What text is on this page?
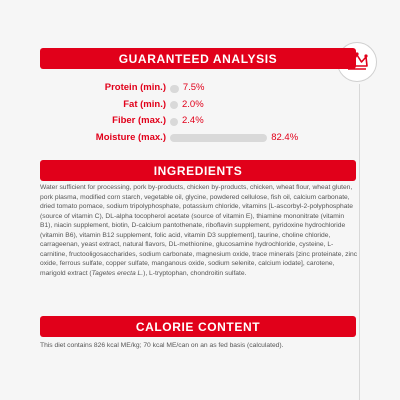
GUARANTEED ANALYSIS
Protein (min.) 7.5%
Fat (min.) 2.0%
Fiber (max.) 2.4%
Moisture (max.)	82.4%
INGREDIENTS
Water sufficient for processing, pork by-products, chicken by-products, chicken, wheat flour, wheat gluten, pork plasma, modified corn starch, vegetable oil, glycine, powdered cellulose, fish oil, calcium carbonate, dried tomato pomace, sodium tripolyphosphate, potassium chloride, vitamins [L-ascorbyl-2-polyphosphate (source of vitamin C), DL-alpha tocopherol acetate (source of vitamin E), thiamine mononitrate (vitamin B1), niacin supplement, biotin, D-calcium pantothenate, riboflavin supplement, pyridoxine hydrochloride (vitamin B6), vitamin B12 supplement, folic acid, vitamin D3 supplement], taurine, choline chloride, carrageenan, yeast extract, natural flavors, DL-methionine, glucosamine hydrochloride, cysteine, L-carnitine, fructooligosaccharides, sodium carbonate, magnesium oxide, trace minerals [zinc proteinate, zinc oxide, ferrous sulfate, copper sulfate, manganous oxide, sodium selenite, calcium iodate], carotene, marigold extract (Tagetes erecta L.), L-tryptophan, chondroitin sulfate.
CALORIE CONTENT
This diet contains 826 kcal ME/kg; 70 kcal ME/can on an as fed basis (calculated).
